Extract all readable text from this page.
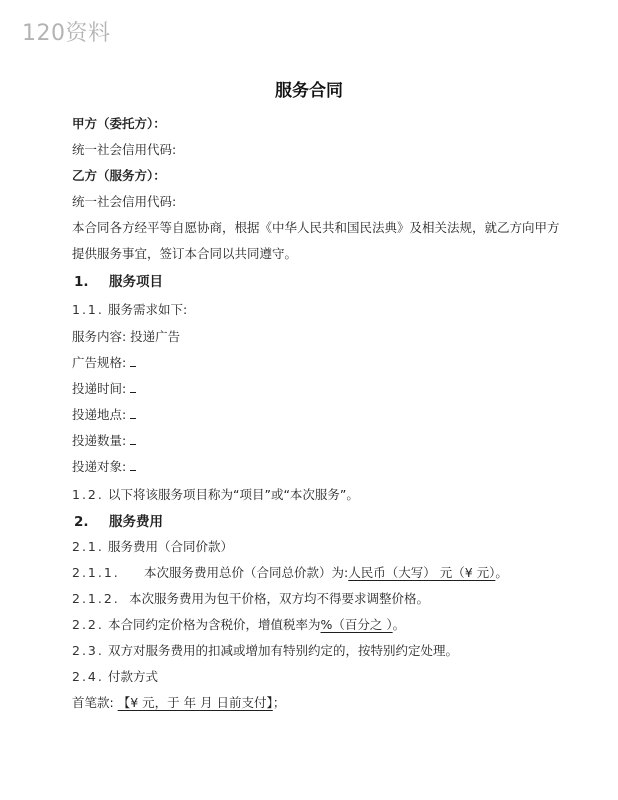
120资料
服务合同
甲方（委托方）：
统一社会信用代码:
乙方（服务方）：
统一社会信用代码:
本合同各方经平等自愿协商，根据《中华人民共和国民法典》及相关法规，就乙方向甲方
提供服务事宜，签订本合同以共同遵守。
1. 服务项目
1.1. 服务需求如下:
服务内容: 投递广告
广告规格:
投递时间:
投递地点:
投递数量:
投递对象:
1.2. 以下将该服务项目称为“项目”或“本次服务”。
2. 服务费用
2.1. 服务费用（合同价款）
2.1.1. 本次服务费用总价（合同总价款）为:人民币（大写） 元（¥ 元）。
2.1.2. 本次服务费用为包干价格，双方均不得要求调整价格。
2.2. 本合同约定价格为含税价，增值税率为%（百分之 ）。
2.3. 双方对服务费用的扣减或增加有特别约定的，按特别约定处理。
2.4. 付款方式
首笔款: 【¥ 元，于 年 月 日前支付】；
